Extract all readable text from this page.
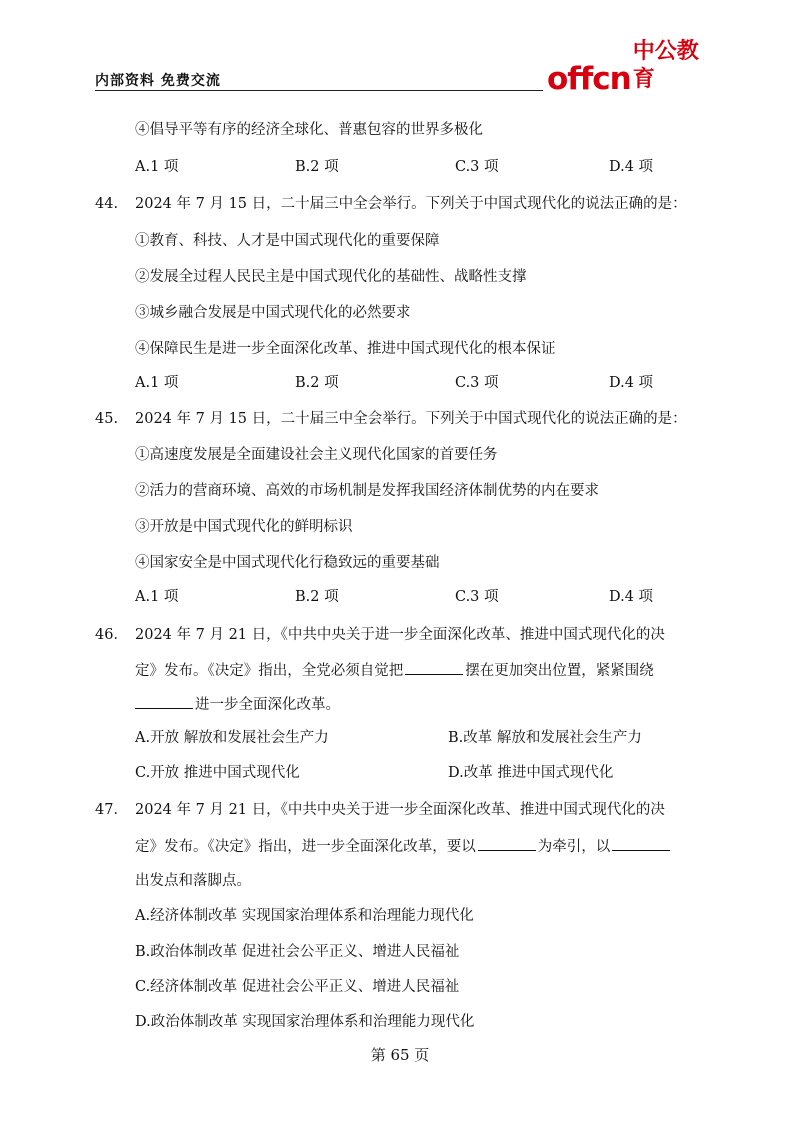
内部资料 免费交流	offcn
中公教育
④倡导平等有序的经济全球化、普惠包容的世界多极化
A.1 项	B.2 项	C.3 项	D.4 项
44. 2024 年 7 月 15 日，二十届三中全会举行。下列关于中国式现代化的说法正确的是：
①教育、科技、人才是中国式现代化的重要保障
②发展全过程人民民主是中国式现代化的基础性、战略性支撑
③城乡融合发展是中国式现代化的必然要求
④保障民生是进一步全面深化改革、推进中国式现代化的根本保证
A.1 项	B.2 项	C.3 项	D.4 项
45. 2024 年 7 月 15 日，二十届三中全会举行。下列关于中国式现代化的说法正确的是：
①高速度发展是全面建设社会主义现代化国家的首要任务
②活力的营商环境、高效的市场机制是发挥我国经济体制优势的内在要求
③开放是中国式现代化的鲜明标识
④国家安全是中国式现代化行稳致远的重要基础
A.1 项	B.2 项	C.3 项	D.4 项
46． 2024 年 7 月 21 日，《中共中央关于进一步全面深化改革、推进中国式现代化的决
定》发布。《决定》指出，全党必须自觉把	摆在更加突出位置，紧紧围绕
进一步全面深化改革。
A.开放 解放和发展社会生产力	B.改革 解放和发展社会生产力
C.开放 推进中国式现代化	D.改革 推进中国式现代化
47． 2024 年 7 月 21 日，《中共中央关于进一步全面深化改革、推进中国式现代化的决
定》发布。《决定》指出，进一步全面深化改革，要以	为牵引，以
出发点和落脚点。
A.经济体制改革 实现国家治理体系和治理能力现代化
B.政治体制改革 促进社会公平正义、增进人民福祉
C.经济体制改革 促进社会公平正义、增进人民福祉
D.政治体制改革 实现国家治理体系和治理能力现代化
第 65 页
